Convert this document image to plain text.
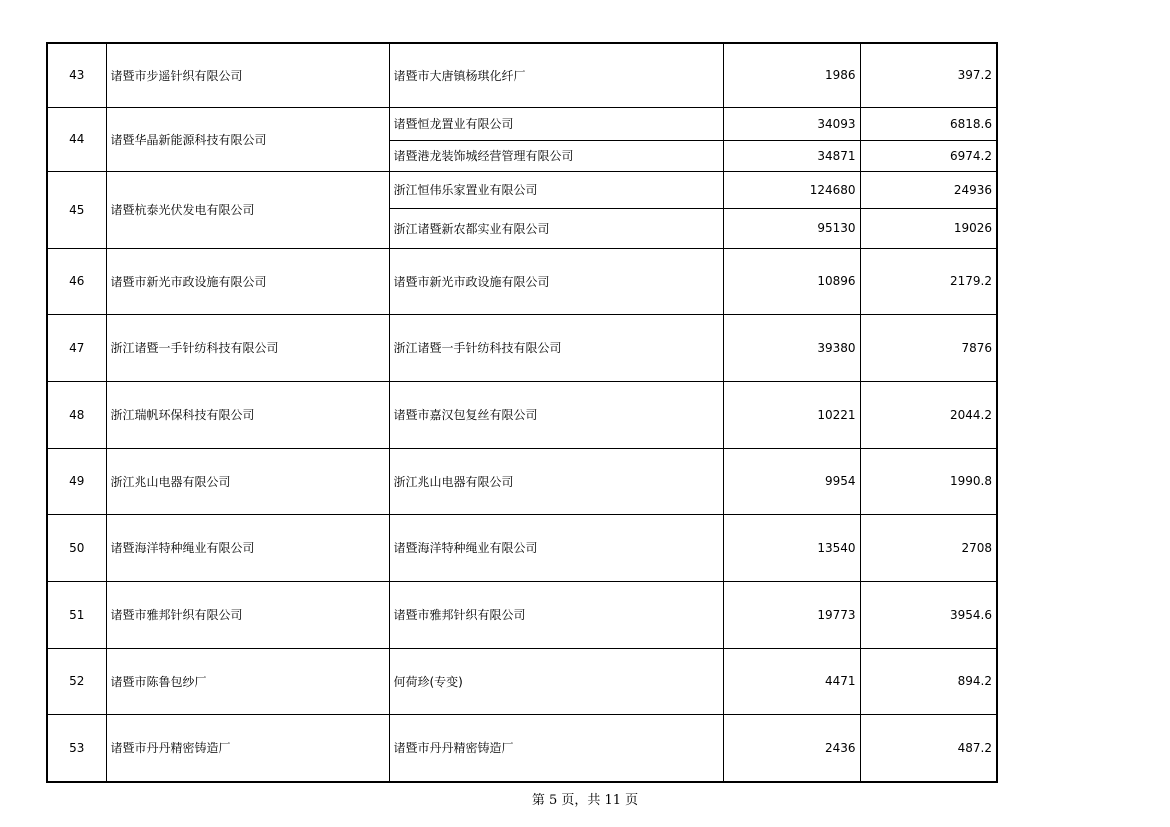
43	诸暨市步遥针织有限公司	诸暨市大唐镇杨琪化纤厂	1986	397.2
44	诸暨华晶新能源科技有限公司	诸暨恒龙置业有限公司	34093	6818.6
		诸暨港龙装饰城经营管理有限公司	34871	6974.2
45	诸暨杭泰光伏发电有限公司	浙江恒伟乐家置业有限公司	124680	24936
		浙江诸暨新农都实业有限公司	95130	19026
46	诸暨市新光市政设施有限公司	诸暨市新光市政设施有限公司	10896	2179.2
47	浙江诸暨一手针纺科技有限公司	浙江诸暨一手针纺科技有限公司	39380	7876
48	浙江瑞帆环保科技有限公司	诸暨市嘉汉包复丝有限公司	10221	2044.2
49	浙江兆山电器有限公司	浙江兆山电器有限公司	9954	1990.8
50	诸暨海洋特种绳业有限公司	诸暨海洋特种绳业有限公司	13540	2708
51	诸暨市雅邦针织有限公司	诸暨市雅邦针织有限公司	19773	3954.6
52	诸暨市陈鲁包纱厂	何荷珍(专变)	4471	894.2
53	诸暨市丹丹精密铸造厂	诸暨市丹丹精密铸造厂	2436	487.2
第 5 页，共 11 页
